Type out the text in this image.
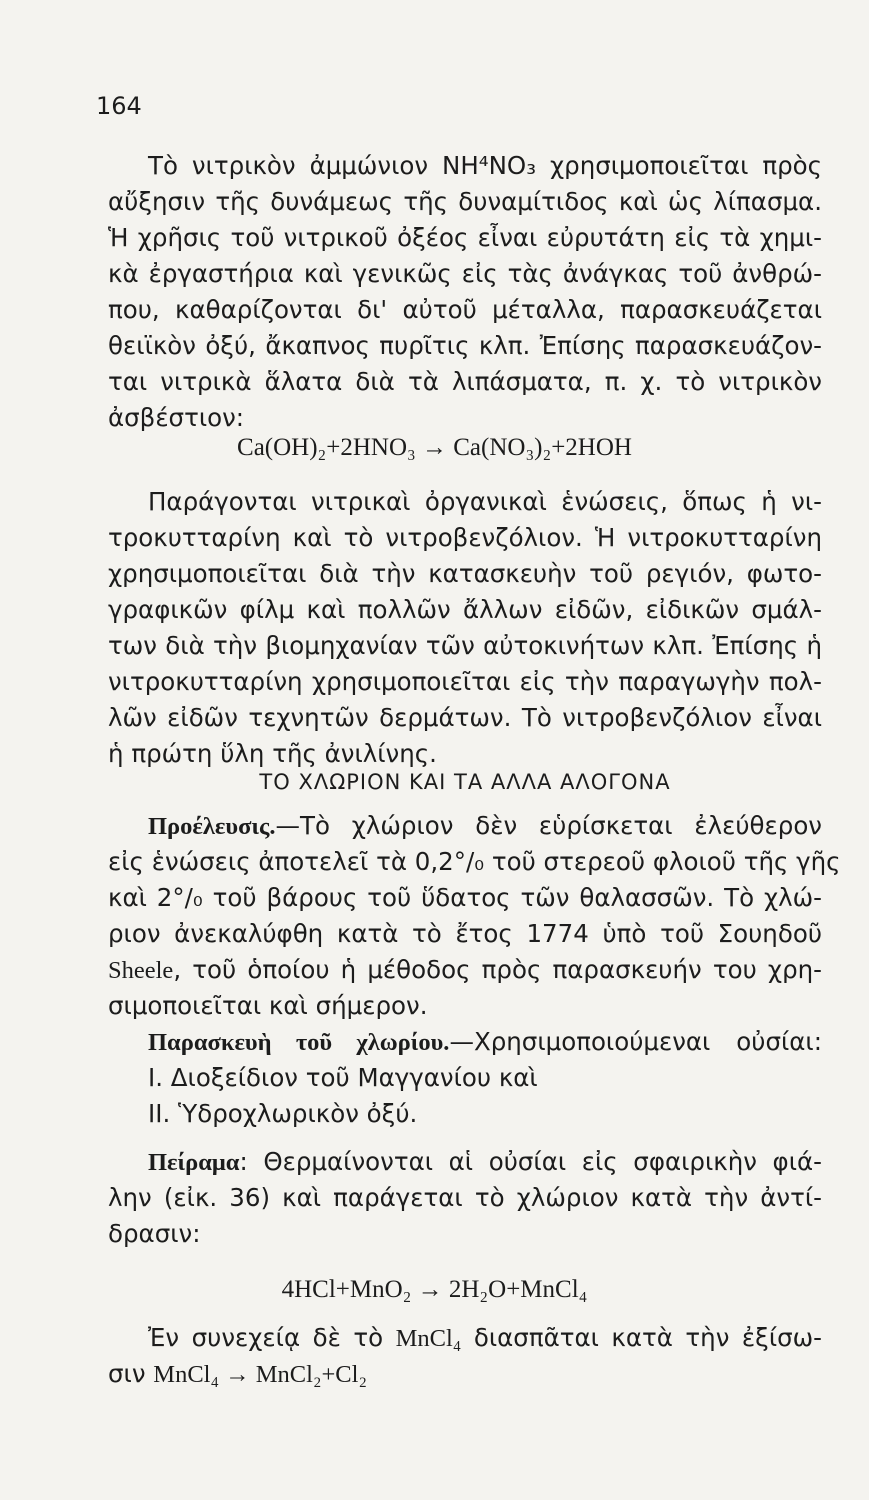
164
Τὸ νιτρικὸν ἀμμώνιον NH⁴NO₃ χρησιμοποιεῖται πρὸς
αὔξησιν τῆς δυνάμεως τῆς δυναμίτιδος καὶ ὡς λίπασμα.
Ἡ χρῆσις τοῦ νιτρικοῦ ὀξέος εἶναι εὐρυτάτη εἰς τὰ χημι-
κὰ ἐργαστήρια καὶ γενικῶς εἰς τὰς ἀνάγκας τοῦ ἀνθρώ-
που, καθαρίζονται δι' αὐτοῦ μέταλλα, παρασκευάζεται
θειϊκὸν ὀξύ, ἄκαπνος πυρῖτις κλπ. Ἐπίσης παρασκευάζον-
ται νιτρικὰ ἅλατα διὰ τὰ λιπάσματα, π. χ. τὸ νιτρικὸν
ἀσβέστιον:
Ca(OH)₂+2HNO₃ → Ca(NO₃)₂+2HOH
Παράγονται νιτρικαὶ ὀργανικαὶ ἑνώσεις, ὅπως ἡ νι-
τροκυτταρίνη καὶ τὸ νιτροβενζόλιον. Ἡ νιτροκυτταρίνη
χρησιμοποιεῖται διὰ τὴν κατασκευὴν τοῦ ρεγιόν, φωτο-
γραφικῶν φίλμ καὶ πολλῶν ἄλλων εἰδῶν, εἰδικῶν σμάλ-
των διὰ τὴν βιομηχανίαν τῶν αὐτοκινήτων κλπ. Ἐπίσης ἡ
νιτροκυτταρίνη χρησιμοποιεῖται εἰς τὴν παραγωγὴν πολ-
λῶν εἰδῶν τεχνητῶν δερμάτων. Τὸ νιτροβενζόλιον εἶναι
ἡ πρώτη ὕλη τῆς ἀνιλίνης.
ΤΟ ΧΛΩΡΙΟΝ ΚΑΙ ΤΑ ΑΛΛΑ ΑΛΟΓΟΝΑ
Προέλευσις.—Τὸ χλώριον δὲν εὑρίσκεται ἐλεύθερον
εἰς ἑνώσεις ἀποτελεῖ τὰ 0,2°/₀ τοῦ στερεοῦ φλοιοῦ τῆς γῆς
καὶ 2°/₀ τοῦ βάρους τοῦ ὕδατος τῶν θαλασσῶν. Τὸ χλώ-
ριον ἀνεκαλύφθη κατὰ τὸ ἔτος 1774 ὑπὸ τοῦ Σουηδοῦ
Sheele, τοῦ ὁποίου ἡ μέθοδος πρὸς παρασκευήν του χρη-
σιμοποιεῖται καὶ σήμερον.
Παρασκευὴ τοῦ χλωρίου.—Χρησιμοποιούμεναι οὐσίαι:
Ι. Διοξείδιον τοῦ Μαγγανίου καὶ
ΙΙ. Ὑδροχλωρικὸν ὀξύ.
Πείραμα: Θερμαίνονται αἱ οὐσίαι εἰς σφαιρικὴν φιά-
λην (εἰκ. 36) καὶ παράγεται τὸ χλώριον κατὰ τὴν ἀντί-
δρασιν:
4HCl+MnO₂ → 2H₂O+MnCl₄
Ἐν συνεχείᾳ δὲ τὸ MnCl₄ διασπᾶται κατὰ τὴν ἐξίσω-
σιν MnCl₄ → MnCl₂+Cl₂
